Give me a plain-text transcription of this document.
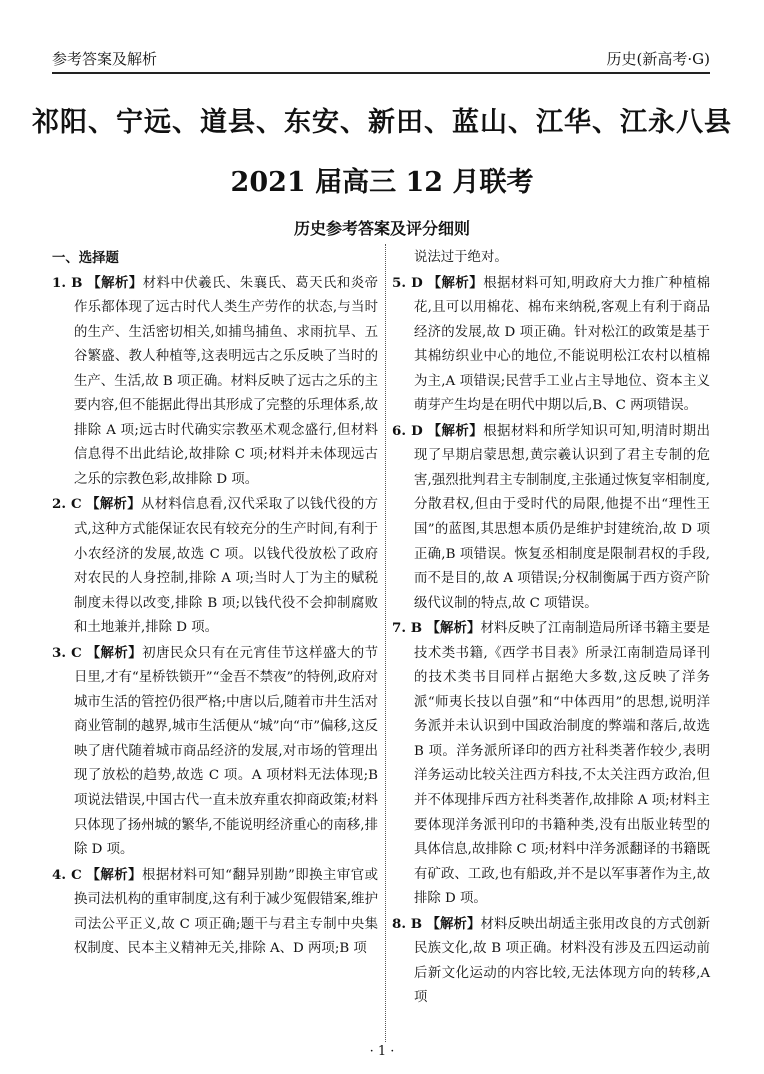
参考答案及解析	历史(新高考·G)
祁阳、宁远、道县、东安、新田、蓝山、江华、江永八县
2021 届高三 12 月联考
历史参考答案及评分细则

一、选择题

1. B 【解析】材料中伏羲氏、朱襄氏、葛天氏和炎帝作乐都体现了远古时代人类生产劳作的状态,与当时的生产、生活密切相关,如捕鸟捕鱼、求雨抗旱、五谷繁盛、教人种植等,这表明远古之乐反映了当时的生产、生活,故 B 项正确。材料反映了远古之乐的主要内容,但不能据此得出其形成了完整的乐理体系,故排除 A 项;远古时代确实宗教巫术观念盛行,但材料信息得不出此结论,故排除 C 项;材料并未体现远古之乐的宗教色彩,故排除 D 项。

2. C 【解析】从材料信息看,汉代采取了以钱代役的方式,这种方式能保证农民有较充分的生产时间,有利于小农经济的发展,故选 C 项。以钱代役放松了政府对农民的人身控制,排除 A 项;当时人丁为主的赋税制度未得以改变,排除 B 项;以钱代役不会抑制腐败和土地兼并,排除 D 项。

3. C 【解析】初唐民众只有在元宵佳节这样盛大的节日里,才有“星桥铁锁开”“金吾不禁夜”的特例,政府对城市生活的管控仍很严格;中唐以后,随着市井生活对商业管制的越界,城市生活便从“城”向“市”偏移,这反映了唐代随着城市商品经济的发展,对市场的管理出现了放松的趋势,故选 C 项。A 项材料无法体现;B 项说法错误,中国古代一直未放弃重农抑商政策;材料只体现了扬州城的繁华,不能说明经济重心的南移,排除 D 项。

4. C 【解析】根据材料可知“翻异别勘”即换主审官或换司法机构的重审制度,这有利于减少冤假错案,维护司法公平正义,故 C 项正确;题干与君主专制中央集权制度、民本主义精神无关,排除 A、D 两项;B 项

说法过于绝对。

5. D 【解析】根据材料可知,明政府大力推广种植棉花,且可以用棉花、棉布来纳税,客观上有利于商品经济的发展,故 D 项正确。针对松江的政策是基于其棉纺织业中心的地位,不能说明松江农村以植棉为主,A 项错误;民营手工业占主导地位、资本主义萌芽产生均是在明代中期以后,B、C 两项错误。

6. D 【解析】根据材料和所学知识可知,明清时期出现了早期启蒙思想,黄宗羲认识到了君主专制的危害,强烈批判君主专制制度,主张通过恢复宰相制度,分散君权,但由于受时代的局限,他提不出“理性王国”的蓝图,其思想本质仍是维护封建统治,故 D 项正确,B 项错误。恢复丞相制度是限制君权的手段,而不是目的,故 A 项错误;分权制衡属于西方资产阶级代议制的特点,故 C 项错误。

7. B 【解析】材料反映了江南制造局所译书籍主要是技术类书籍,《西学书目表》所录江南制造局译刊的技术类书目同样占据绝大多数,这反映了洋务派“师夷长技以自强”和“中体西用”的思想,说明洋务派并未认识到中国政治制度的弊端和落后,故选 B 项。洋务派所译印的西方社科类著作较少,表明洋务运动比较关注西方科技,不太关注西方政治,但并不体现排斥西方社科类著作,故排除 A 项;材料主要体现洋务派刊印的书籍种类,没有出版业转型的具体信息,故排除 C 项;材料中洋务派翻译的书籍既有矿政、工政,也有船政,并不是以军事著作为主,故排除 D 项。

8. B 【解析】材料反映出胡适主张用改良的方式创新民族文化,故 B 项正确。材料没有涉及五四运动前后新文化运动的内容比较,无法体现方向的转移,A 项

· 1 ·
